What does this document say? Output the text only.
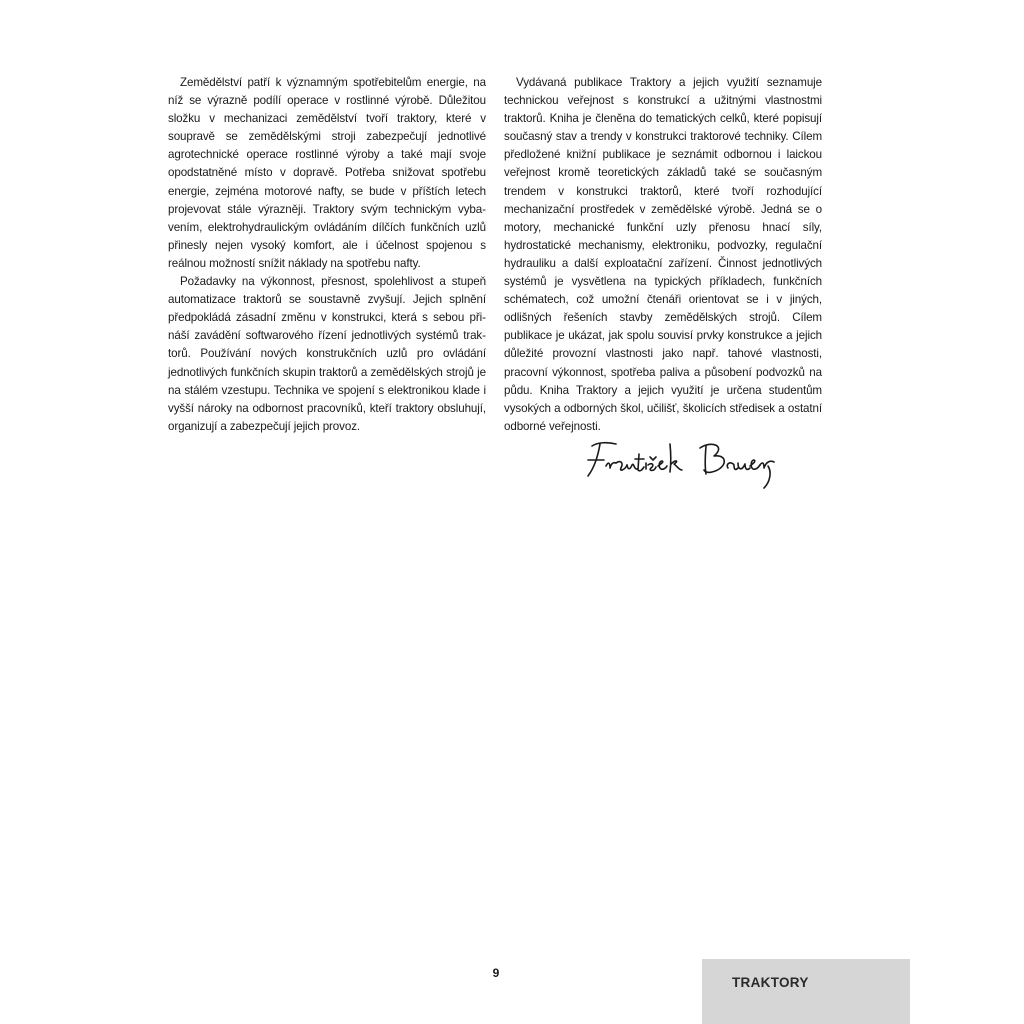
Zemědělství patří k významným spotřebitelům energie, na níž se výrazně podílí operace v rostlinné výrobě. Důležitou složku v mechanizaci zemědělství tvoří traktory, které v soupravě se zemědělskými stroji zabezpečují jednotlivé agrotechnické operace rostlinné výroby a také mají svoje opodstatněné místo v dopravě. Potřeba snižovat spotřebu energie, zejména motorové nafty, se bude v příštích letech projevovat stále výrazněji. Traktory svým technickým vybavením, elektrohydraulickým ovládáním dílčích funkčních uzlů přinesly nejen vysoký komfort, ale i účelnost spojenou s reálnou možností snížit náklady na spotřebu nafty.

Požadavky na výkonnost, přesnost, spolehlivost a stupeň automatizace traktorů se soustavně zvyšují. Jejich splnění předpokládá zásadní změnu v konstrukci, která s sebou přináší zavádění softwarového řízení jednotlivých systémů traktorů. Používání nových konstrukčních uzlů pro ovládání jednotlivých funkčních skupin traktorů a zemědělských strojů je na stálém vzestupu. Technika ve spojení s elektronikou klade i vyšší nároky na odbornost pracovníků, kteří traktory obsluhují, organizují a zabezpečují jejich provoz.

Vydávaná publikace Traktory a jejich využití seznamuje technickou veřejnost s konstrukcí a užitnými vlastnostmi traktorů. Kniha je členěna do tematických celků, které popisují současný stav a trendy v konstrukci traktorové techniky. Cílem předložené knižní publikace je seznámit odbornou i laickou veřejnost kromě teoretických základů také se současným trendem v konstrukci traktorů, které tvoří rozhodující mechanizační prostředek v zemědělské výrobě. Jedná se o motory, mechanické funkční uzly přenosu hnací síly, hydrostatické mechanismy, elektroniku, podvozky, regulační hydrauliku a další exploatační zařízení. Činnost jednotlivých systémů je vysvětlena na typických příkladech, funkčních schématech, což umožní čtenáři orientovat se i v jiných, odlišných řešeních stavby zemědělských strojů. Cílem publikace je ukázat, jak spolu souvisí prvky konstrukce a jejich důležité provozní vlastnosti jako např. tahové vlastnosti, pracovní výkonnost, spotřeba paliva a působení podvozků na půdu. Kniha Traktory a jejich využití je určena studentům vysokých a odborných škol, učilišť, školicích středisek a ostatní odborné veřejnosti.

9
TRAKTORY
